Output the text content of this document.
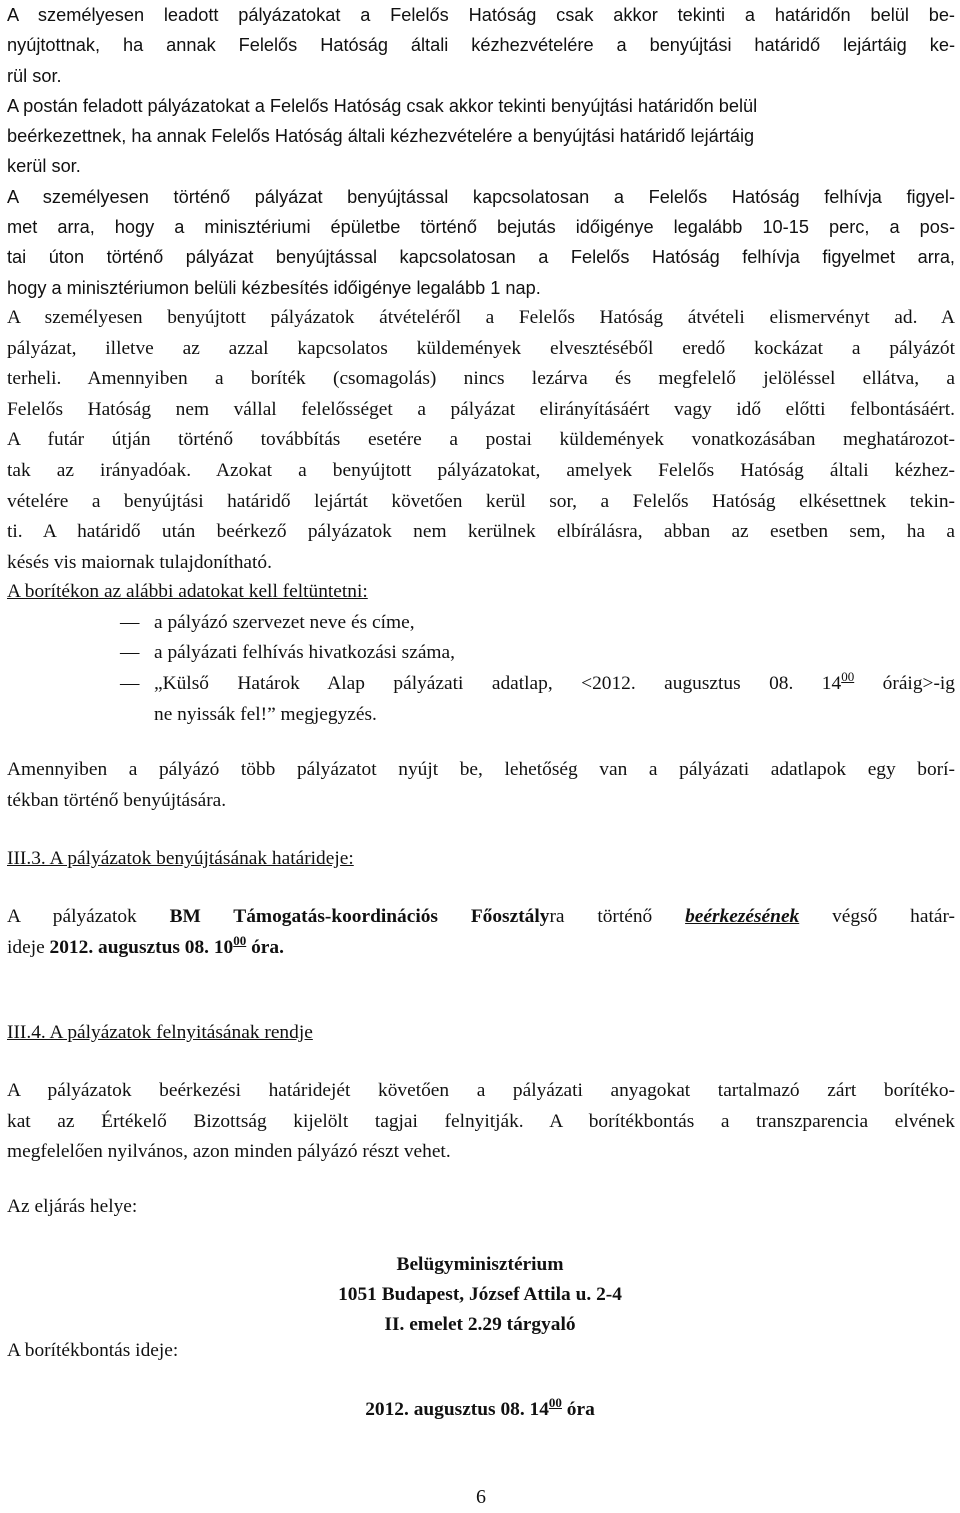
A személyesen leadott pályázatokat a Felelős Hatóság csak akkor tekinti a határidőn belül be-
nyújtottnak, ha annak Felelős Hatóság általi kézhezvételére a benyújtási határidő lejártáig ke-
rül sor.
A postán feladott pályázatokat a Felelős Hatóság csak akkor tekinti benyújtási határidőn belül
beérkezettnek, ha annak Felelős Hatóság általi kézhezvételére a benyújtási határidő lejártáig
kerül sor.
A személyesen történő pályázat benyújtással kapcsolatosan a Felelős Hatóság felhívja figyel-
met arra, hogy a minisztériumi épületbe történő bejutás időigénye legalább 10-15 perc, a pos-
tai úton történő pályázat benyújtással kapcsolatosan a Felelős Hatóság felhívja figyelmet arra,
hogy a minisztériumon belüli kézbesítés időigénye legalább 1 nap.
A személyesen benyújtott pályázatok átvételéről a Felelős Hatóság átvételi elismervényt ad. A
pályázat, illetve az azzal kapcsolatos küldemények elvesztéséből eredő kockázat a pályázót
terheli. Amennyiben a boríték (csomagolás) nincs lezárva és megfelelő jelöléssel ellátva, a
Felelős Hatóság nem vállal felelősséget a pályázat elirányításáért vagy idő előtti felbontásáért.
A futár útján történő továbbítás esetére a postai küldemények vonatkozásában meghatározot-
tak az irányadóak. Azokat a benyújtott pályázatokat, amelyek Felelős Hatóság általi kézhez-
vételére a benyújtási határidő lejártát követően kerül sor, a Felelős Hatóság elkésettnek tekin-
ti. A határidő után beérkező pályázatok nem kerülnek elbírálásra, abban az esetben sem, ha a
késés vis maiornak tulajdonítható.

A borítékon az alábbi adatokat kell feltüntetni:

— a pályázó szervezet neve és címe,
— a pályázati felhívás hivatkozási száma,
— „Külső Határok Alap pályázati adatlap, <2012. augusztus 08. $14^{00}$ óráig>-ig
ne nyissák fel!” megjegyzés.
Amennyiben a pályázó több pályázatot nyújt be, lehetőség van a pályázati adatlapok egy borí-
tékban történő benyújtására.

III.3. A pályázatok benyújtásának határideje:

A pályázatok BM Támogatás-koordinációs Főosztályra történő beérkezésének végső határ-
ideje 2012. augusztus 08. $10^{00}$ óra.

III.4. A pályázatok felnyitásának rendje

A pályázatok beérkezési határidejét követően a pályázati anyagokat tartalmazó zárt borítéko-
kat az Értékelő Bizottság kijelölt tagjai felnyitják. A borítékbontás a transzparencia elvének
megfelelően nyilvános, azon minden pályázó részt vehet.

Az eljárás helye:

Belügyminisztérium
1051 Budapest, József Attila u. 2-4
II. emelet 2.29 tárgyaló

A borítékbontás ideje:

2012. augusztus 08. $14^{00}$ óra

6
